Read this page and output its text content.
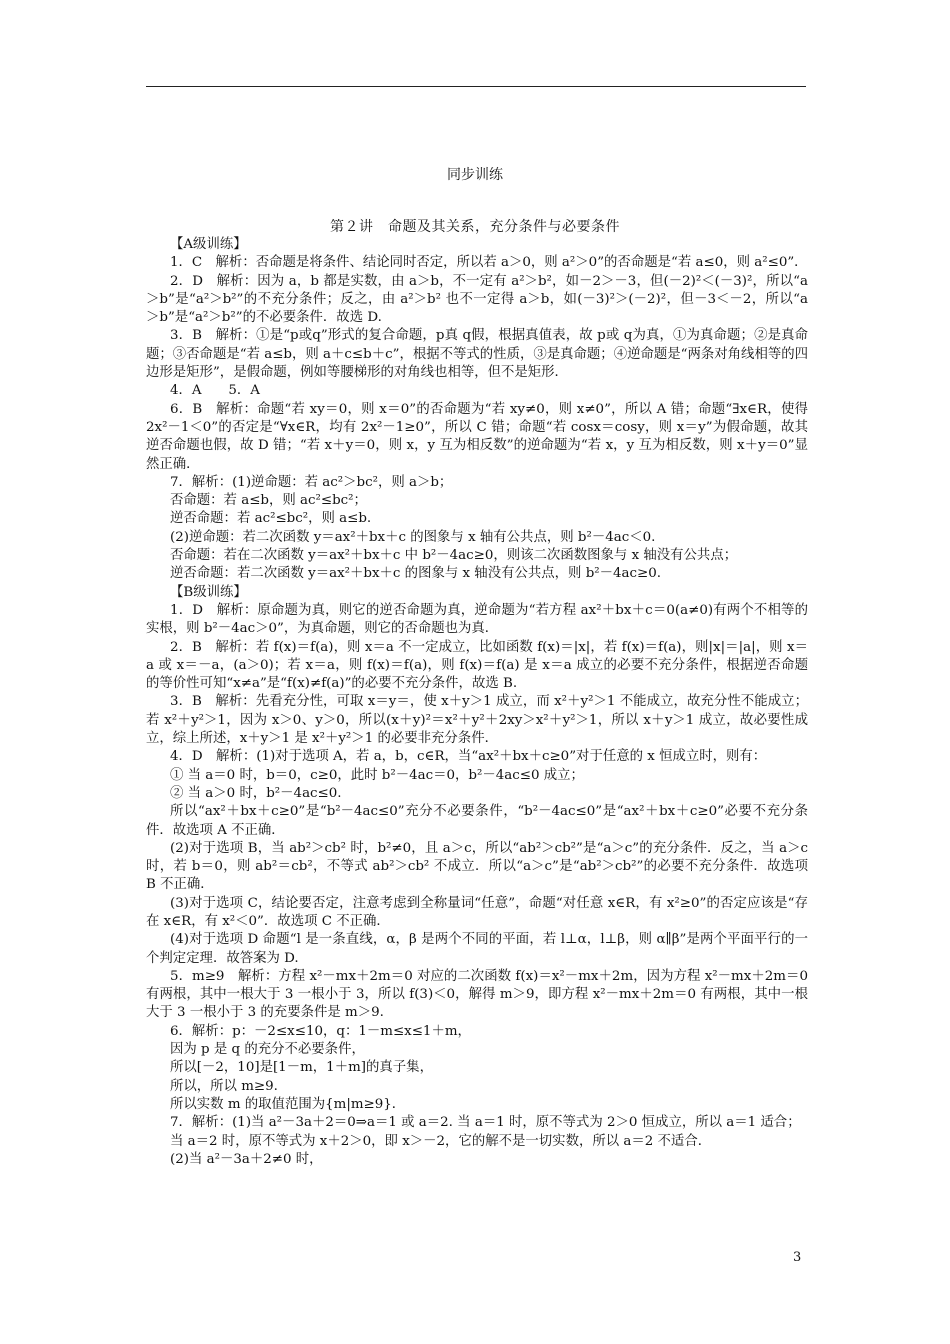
同步训练
第２讲　命题及其关系，充分条件与必要条件

【A级训练】

1．C　解析：否命题是将条件、结论同时否定，所以若 a＞0，则 a²＞0”的否命题是“若 a≤0，则 a²≤0”．

2．D　解析：因为 a，b 都是实数，由 a＞b，不一定有 a²＞b²，如－2＞－3，但(－2)²＜(－3)²，所以“a＞b”是“a²＞b²”的不充分条件；反之，由 a²＞b² 也不一定得 a＞b，如(－3)²＞(－2)²，但－3＜－2，所以“a＞b”是“a²＞b²”的不必要条件．故选 D.

3．B　解析：①是“p或q”形式的复合命题，p真 q假，根据真值表，故 p或 q为真，①为真命题；②是真命题；③否命题是“若 a≤b，则 a＋c≤b＋c”，根据不等式的性质，③是真命题；④逆命题是“两条对角线相等的四边形是矩形”，是假命题，例如等腰梯形的对角线也相等，但不是矩形．

4．A　　5．A

6．B　解析：命题“若 xy＝0，则 x＝0”的否命题为“若 xy≠0，则 x≠0”，所以 A 错；命题“∃x∈R，使得 2x²－1＜0”的否定是“∀x∈R，均有 2x²－1≥0”，所以 C 错；命题“若 cosx＝cosy，则 x＝y”为假命题，故其逆否命题也假，故 D 错；“若 x＋y＝0，则 x，y 互为相反数”的逆命题为“若 x，y 互为相反数，则 x＋y＝0”显然正确．

7．解析：(1)逆命题：若 ac²＞bc²，则 a＞b；

否命题：若 a≤b，则 ac²≤bc²；

逆否命题：若 ac²≤bc²，则 a≤b.

(2)逆命题：若二次函数 y＝ax²＋bx＋c 的图象与 x 轴有公共点，则 b²－4ac＜0.

否命题：若在二次函数 y＝ax²＋bx＋c 中 b²－4ac≥0，则该二次函数图象与 x 轴没有公共点；

逆否命题：若二次函数 y＝ax²＋bx＋c 的图象与 x 轴没有公共点，则 b²－4ac≥0.

【B级训练】

1．D　解析：原命题为真，则它的逆否命题为真，逆命题为“若方程 ax²＋bx＋c＝0(a≠0)有两个不相等的实根，则 b²－4ac＞0”，为真命题，则它的否命题也为真．

2．B　解析：若 f(x)＝f(a)，则 x＝a 不一定成立，比如函数 f(x)＝|x|，若 f(x)＝f(a)，则|x|＝|a|，则 x＝a 或 x＝－a，(a＞0)；若 x＝a，则 f(x)＝f(a)，则 f(x)＝f(a) 是 x＝a 成立的必要不充分条件，根据逆否命题的等价性可知“x≠a”是“f(x)≠f(a)”的必要不充分条件，故选 B.

3．B　解析：先看充分性，可取 x＝y＝，使 x＋y＞1 成立，而 x²＋y²＞1 不能成立，故充分性不能成立；若 x²＋y²＞1，因为 x＞0、y＞0，所以(x＋y)²＝x²＋y²＋2xy＞x²＋y²＞1，所以 x＋y＞1 成立，故必要性成立，综上所述，x＋y＞1 是 x²＋y²＞1 的必要非充分条件．

4．D　解析：(1)对于选项 A，若 a，b，c∈R，当“ax²＋bx＋c≥0”对于任意的 x 恒成立时，则有：

① 当 a＝0 时，b＝0，c≥0，此时 b²－4ac＝0，b²－4ac≤0 成立；

② 当 a＞0 时，b²－4ac≤0.

所以“ax²＋bx＋c≥0”是“b²－4ac≤0”充分不必要条件，“b²－4ac≤0”是“ax²＋bx＋c≥0”必要不充分条件．故选项 A 不正确．

(2)对于选项 B，当 ab²＞cb² 时，b²≠0，且 a＞c，所以“ab²＞cb²”是“a＞c”的充分条件．反之，当 a＞c 时，若 b＝0，则 ab²＝cb²，不等式 ab²＞cb² 不成立．所以“a＞c”是“ab²＞cb²”的必要不充分条件．故选项 B 不正确．

(3)对于选项 C，结论要否定，注意考虑到全称量词“任意”，命题“对任意 x∈R，有 x²≥0”的否定应该是“存在 x∈R，有 x²＜0”．故选项 C 不正确．

(4)对于选项 D 命题“l 是一条直线，α，β 是两个不同的平面，若 l⊥α，l⊥β，则 α∥β”是两个平面平行的一个判定定理．故答案为 D.

5．m≥9　解析：方程 x²－mx＋2m＝0 对应的二次函数 f(x)＝x²－mx＋2m，因为方程 x²－mx＋2m＝0 有两根，其中一根大于 3 一根小于 3，所以 f(3)＜0，解得 m＞9，即方程 x²－mx＋2m＝0 有两根，其中一根大于 3 一根小于 3 的充要条件是 m＞9.

6．解析：p：－2≤x≤10，q：1－m≤x≤1＋m，

因为 p 是 q 的充分不必要条件，

所以[－2，10]是[1－m，1＋m]的真子集，

所以，所以 m≥9.

所以实数 m 的取值范围为{m|m≥9}．

7．解析：(1)当 a²－3a＋2＝0⇒a＝1 或 a＝2. 当 a＝1 时，原不等式为 2＞0 恒成立，所以 a＝1 适合；

当 a＝2 时，原不等式为 x＋2＞0，即 x＞－2，它的解不是一切实数，所以 a＝2 不适合．

(2)当 a²－3a＋2≠0 时，

3
